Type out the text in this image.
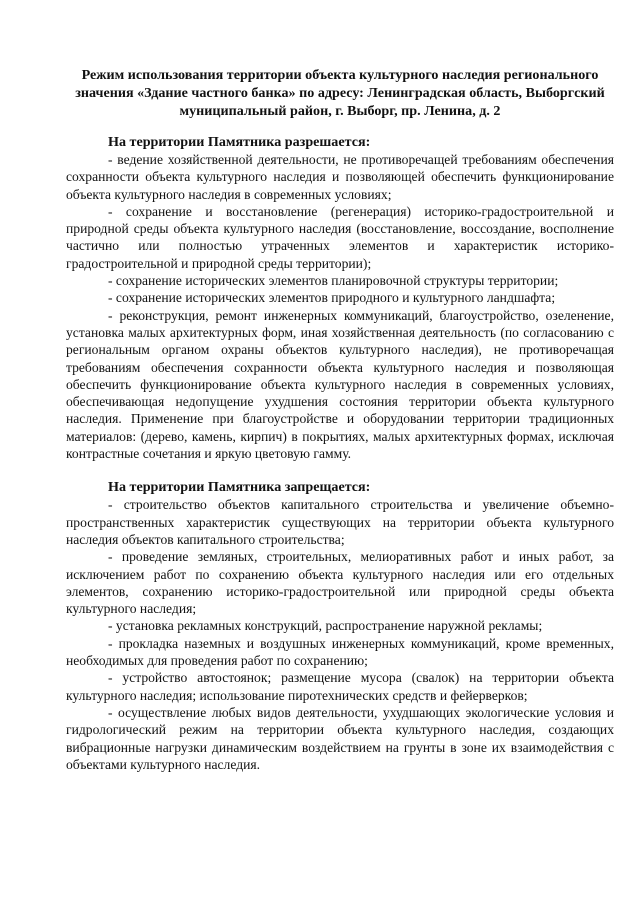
Режим использования территории объекта культурного наследия регионального значения «Здание частного банка» по адресу: Ленинградская область, Выборгский муниципальный район, г. Выборг, пр. Ленина, д. 2
На территории Памятника разрешается:

- ведение хозяйственной деятельности, не противоречащей требованиям обеспечения сохранности объекта культурного наследия и позволяющей обеспечить функционирование объекта культурного наследия в современных условиях;

- сохранение и восстановление (регенерация) историко-градостроительной и природной среды объекта культурного наследия (восстановление, воссоздание, восполнение частично или полностью утраченных элементов и характеристик историко-градостроительной и природной среды территории);

- сохранение исторических элементов планировочной структуры территории;

- сохранение исторических элементов природного и культурного ландшафта;

- реконструкция, ремонт инженерных коммуникаций, благоустройство, озеленение, установка малых архитектурных форм, иная хозяйственная деятельность (по согласованию с региональным органом охраны объектов культурного наследия), не противоречащая требованиям обеспечения сохранности объекта культурного наследия и позволяющая обеспечить функционирование объекта культурного наследия в современных условиях, обеспечивающая недопущение ухудшения состояния территории объекта культурного наследия. Применение при благоустройстве и оборудовании территории традиционных материалов: (дерево, камень, кирпич) в покрытиях, малых архитектурных формах, исключая контрастные сочетания и яркую цветовую гамму.

На территории Памятника запрещается:

- строительство объектов капитального строительства и увеличение объемно-пространственных характеристик существующих на территории объекта культурного наследия объектов капитального строительства;

- проведение земляных, строительных, мелиоративных работ и иных работ, за исключением работ по сохранению объекта культурного наследия или его отдельных элементов, сохранению историко-градостроительной или природной среды объекта культурного наследия;

- установка рекламных конструкций, распространение наружной рекламы;

- прокладка наземных и воздушных инженерных коммуникаций, кроме временных, необходимых для проведения работ по сохранению;

- устройство автостоянок; размещение мусора (свалок) на территории объекта культурного наследия; использование пиротехнических средств и фейерверков;

- осуществление любых видов деятельности, ухудшающих экологические условия и гидрологический режим на территории объекта культурного наследия, создающих вибрационные нагрузки динамическим воздействием на грунты в зоне их взаимодействия с объектами культурного наследия.
